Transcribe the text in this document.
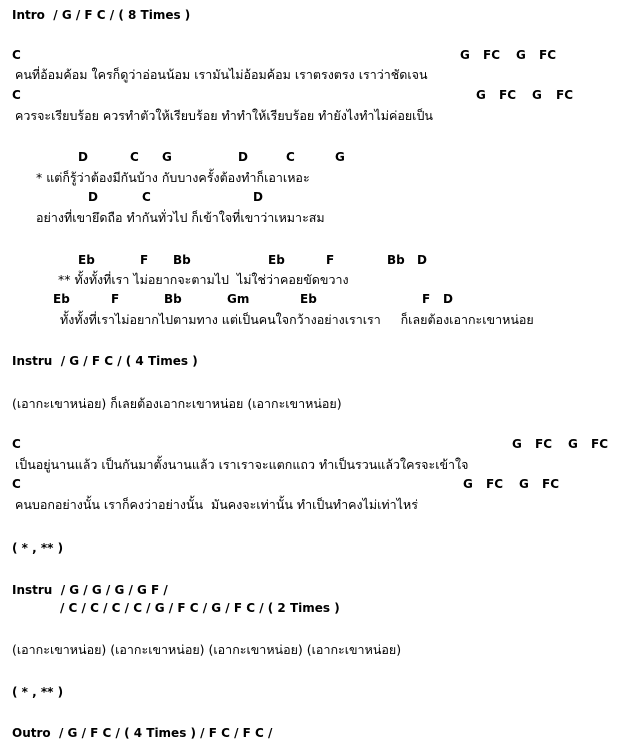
Intro  / G / F C / ( 8 Times )
C	G FC G FC
คนที่อ้อมค้อม ใครก็ดูว่าอ่อนน้อม เรามันไม่อ้อมค้อม เราตรงตรง เราว่าชัดเจน
C	G FC G FC
ควรจะเรียบร้อย ควรทำตัวให้เรียบร้อย ทำทำให้เรียบร้อย ทำยังไงทำไม่ค่อยเป็น
D	C G	D	C	G
* แต่ก็รู้ว่าต้องมีกันบ้าง กับบางครั้งต้องทำก็เอาเหอะ
D	C	D
อย่างที่เขายึดถือ ทำกันทั่วไป ก็เข้าใจที่เขาว่าเหมาะสม
Eb	F Bb	Eb	F	Bb D
** ทั้งทั้งที่เรา ไม่อยากจะตามไป  ไม่ใช่ว่าคอยขัดขวาง
Eb	F	Bb	Gm	Eb	F D
ทั้งทั้งที่เราไม่อยากไปตามทาง แต่เป็นคนใจกว้างอย่างเราเรา     ก็เลยต้องเอากะเขาหน่อย
Instru  / G / F C / ( 4 Times )
(เอากะเขาหน่อย) ก็เลยต้องเอากะเขาหน่อย (เอากะเขาหน่อย)
C	G FC G FC
เป็นอยู่นานแล้ว เป็นกันมาตั้งนานแล้ว เราเราจะแตกแถว ทำเป็นรวนแล้วใครจะเข้าใจ
C	G FC G FC
คนบอกอย่างนั้น เราก็คงว่าอย่างนั้น  มันคงจะเท่านั้น ทำเป็นทำคงไม่เท่าไหร่
( * , ** )
Instru  / G / G / G / G F /
/ C / C / C / C / G / F C / G / F C / ( 2 Times )
(เอากะเขาหน่อย) (เอากะเขาหน่อย) (เอากะเขาหน่อย) (เอากะเขาหน่อย)
( * , ** )
Outro  / G / F C / ( 4 Times ) / F C / F C /
